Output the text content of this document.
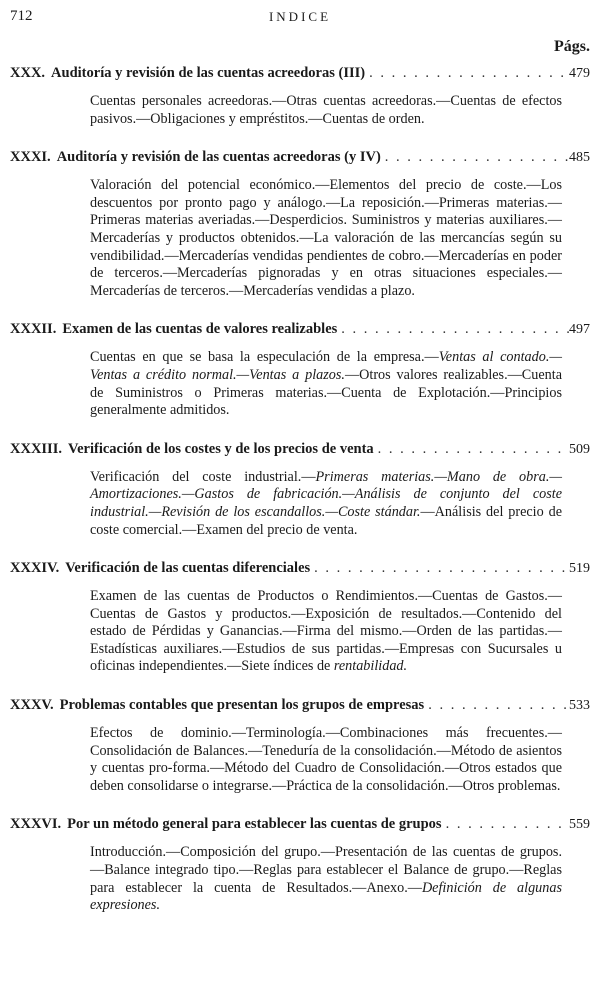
712	INDICE
Págs.
XXX. Auditoría y revisión de las cuentas acreedoras (III) . . .	479
Cuentas personales acreedoras.—Otras cuentas acreedoras.—Cuentas de efectos pasivos.—Obligaciones y empréstitos.—Cuentas de orden.
XXXI. Auditoría y revisión de las cuentas acreedoras (y IV) . . .	485
Valoración del potencial económico.—Elementos del precio de coste.—Los descuentos por pronto pago y análogo.—La reposición.—Primeras materias.—Primeras materias averiadas.—Desperdicios. Suministros y materias auxiliares.—Mercaderías y productos obtenidos.—La valoración de las mercancías según su vendibilidad.—Mercaderías vendidas pendientes de cobro.—Mercaderías en poder de terceros.—Mercaderías pignoradas y en otras situaciones especiales.—Mercaderías de terceros.—Mercaderías vendidas a plazo.
XXXII. Examen de las cuentas de valores realizables . . .	497
Cuentas en que se basa la especulación de la empresa.—Ventas al contado.—Ventas a crédito normal.—Ventas a plazos.—Otros valores realizables.—Cuenta de Suministros o Primeras materias.—Cuenta de Explotación.—Principios generalmente admitidos.
XXXIII. Verificación de los costes y de los precios de venta . . .	509
Verificación del coste industrial.—Primeras materias.—Mano de obra.—Amortizaciones.—Gastos de fabricación.—Análisis de conjunto del coste industrial.—Revisión de los escandallos.—Coste stándar.—Análisis del precio de coste comercial.—Examen del precio de venta.
XXXIV. Verificación de las cuentas diferenciales . . .	519
Examen de las cuentas de Productos o Rendimientos.—Cuentas de Gastos.—Cuentas de Gastos y productos.—Exposición de resultados.—Contenido del estado de Pérdidas y Ganancias.—Firma del mismo.—Orden de las partidas.—Estadísticas auxiliares.—Estudios de sus partidas.—Empresas con Sucursales u oficinas independientes.—Siete índices de rentabilidad.
XXXV. Problemas contables que presentan los grupos de empresas . . .	533
Efectos de dominio.—Terminología.—Combinaciones más frecuentes.—Consolidación de Balances.—Teneduría de la consolidación.—Método de asientos y cuentas pro-forma.—Método del Cuadro de Consolidación.—Otros estados que deben consolidarse o integrarse.—Práctica de la consolidación.—Otros problemas.
XXXVI. Por un método general para establecer las cuentas de grupos . . .	559
Introducción.—Composición del grupo.—Presentación de las cuentas de grupos.—Balance integrado tipo.—Reglas para establecer el Balance de grupo.—Reglas para establecer la cuenta de Resultados.—Anexo.—Definición de algunas expresiones.
